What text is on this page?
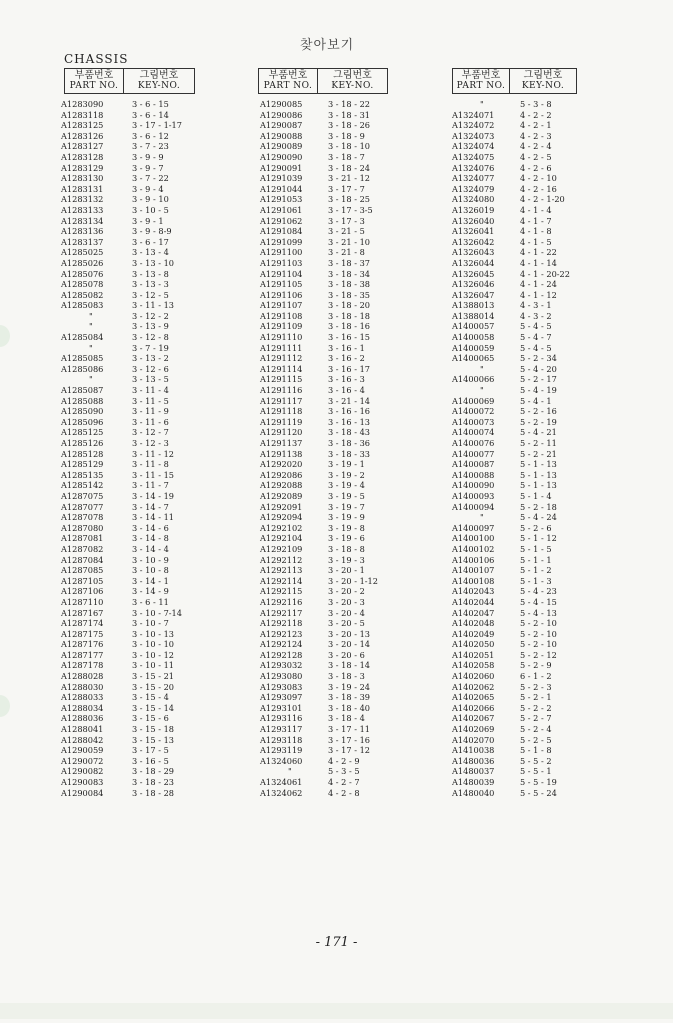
찾아보기
CHASSIS
부품번호
PART NO.
그림번호
KEY-NO.
A1283090	3 - 6 - 15
A1283118	3 - 6 - 14
A1283125	3 - 17 - 1-17
A1283126	3 - 6 - 12
A1283127	3 - 7 - 23
A1283128	3 - 9 - 9
A1283129	3 - 9 - 7
A1283130	3 - 7 - 22
A1283131	3 - 9 - 4
A1283132	3 - 9 - 10
A1283133	3 - 10 - 5
A1283134	3 - 9 - 1
A1283136	3 - 9 - 8-9
A1283137	3 - 6 - 17
A1285025	3 - 13 - 4
A1285026	3 - 13 - 10
A1285076	3 - 13 - 8
A1285078	3 - 13 - 3
A1285082	3 - 12 - 5
A1285083	3 - 11 - 13
"	3 - 12 - 2
"	3 - 13 - 9
A1285084	3 - 12 - 8
"	3 - 7 - 19
A1285085	3 - 13 - 2
A1285086	3 - 12 - 6
"	3 - 13 - 5
A1285087	3 - 11 - 4
A1285088	3 - 11 - 5
A1285090	3 - 11 - 9
A1285096	3 - 11 - 6
A1285125	3 - 12 - 7
A1285126	3 - 12 - 3
A1285128	3 - 11 - 12
A1285129	3 - 11 - 8
A1285135	3 - 11 - 15
A1285142	3 - 11 - 7
A1287075	3 - 14 - 19
A1287077	3 - 14 - 7
A1287078	3 - 14 - 11
A1287080	3 - 14 - 6
A1287081	3 - 14 - 8
A1287082	3 - 14 - 4
A1287084	3 - 10 - 9
A1287085	3 - 10 - 8
A1287105	3 - 14 - 1
A1287106	3 - 14 - 9
A1287110	3 - 6 - 11
A1287167	3 - 10 - 7-14
A1287174	3 - 10 - 7
A1287175	3 - 10 - 13
A1287176	3 - 10 - 10
A1287177	3 - 10 - 12
A1287178	3 - 10 - 11
A1288028	3 - 15 - 21
A1288030	3 - 15 - 20
A1288033	3 - 15 - 4
A1288034	3 - 15 - 14
A1288036	3 - 15 - 6
A1288041	3 - 15 - 18
A1288042	3 - 15 - 13
A1290059	3 - 17 - 5
A1290072	3 - 16 - 5
A1290082	3 - 18 - 29
A1290083	3 - 18 - 23
A1290084	3 - 18 - 28
부품번호
PART NO.
그림번호
KEY-NO.
A1290085	3 - 18 - 22
A1290086	3 - 18 - 31
A1290087	3 - 18 - 26
A1290088	3 - 18 - 9
A1290089	3 - 18 - 10
A1290090	3 - 18 - 7
A1290091	3 - 18 - 24
A1291039	3 - 21 - 12
A1291044	3 - 17 - 7
A1291053	3 - 18 - 25
A1291061	3 - 17 - 3-5
A1291062	3 - 17 - 3
A1291084	3 - 21 - 5
A1291099	3 - 21 - 10
A1291100	3 - 21 - 8
A1291103	3 - 18 - 37
A1291104	3 - 18 - 34
A1291105	3 - 18 - 38
A1291106	3 - 18 - 35
A1291107	3 - 18 - 20
A1291108	3 - 18 - 18
A1291109	3 - 18 - 16
A1291110	3 - 16 - 15
A1291111	3 - 16 - 1
A1291112	3 - 16 - 2
A1291114	3 - 16 - 17
A1291115	3 - 16 - 3
A1291116	3 - 16 - 4
A1291117	3 - 21 - 14
A1291118	3 - 16 - 16
A1291119	3 - 16 - 13
A1291120	3 - 18 - 43
A1291137	3 - 18 - 36
A1291138	3 - 18 - 33
A1292020	3 - 19 - 1
A1292086	3 - 19 - 2
A1292088	3 - 19 - 4
A1292089	3 - 19 - 5
A1292091	3 - 19 - 7
A1292094	3 - 19 - 9
A1292102	3 - 19 - 8
A1292104	3 - 19 - 6
A1292109	3 - 18 - 8
A1292112	3 - 19 - 3
A1292113	3 - 20 - 1
A1292114	3 - 20 - 1-12
A1292115	3 - 20 - 2
A1292116	3 - 20 - 3
A1292117	3 - 20 - 4
A1292118	3 - 20 - 5
A1292123	3 - 20 - 13
A1292124	3 - 20 - 14
A1292128	3 - 20 - 6
A1293032	3 - 18 - 14
A1293080	3 - 18 - 3
A1293083	3 - 19 - 24
A1293097	3 - 18 - 39
A1293101	3 - 18 - 40
A1293116	3 - 18 - 4
A1293117	3 - 17 - 11
A1293118	3 - 17 - 16
A1293119	3 - 17 - 12
A1324060	4 - 2 - 9
"	5 - 3 - 5
A1324061	4 - 2 - 7
A1324062	4 - 2 - 8
부품번호
PART NO.
그림번호
KEY-NO.
"	5 - 3 - 8
A1324071	4 - 2 - 2
A1324072	4 - 2 - 1
A1324073	4 - 2 - 3
A1324074	4 - 2 - 4
A1324075	4 - 2 - 5
A1324076	4 - 2 - 6
A1324077	4 - 2 - 10
A1324079	4 - 2 - 16
A1324080	4 - 2 - 1-20
A1326019	4 - 1 - 4
A1326040	4 - 1 - 7
A1326041	4 - 1 - 8
A1326042	4 - 1 - 5
A1326043	4 - 1 - 22
A1326044	4 - 1 - 14
A1326045	4 - 1 - 20-22
A1326046	4 - 1 - 24
A1326047	4 - 1 - 12
A1388013	4 - 3 - 1
A1388014	4 - 3 - 2
A1400057	5 - 4 - 5
A1400058	5 - 4 - 7
A1400059	5 - 4 - 5
A1400065	5 - 2 - 34
"	5 - 4 - 20
A1400066	5 - 2 - 17
"	5 - 4 - 19
A1400069	5 - 4 - 1
A1400072	5 - 2 - 16
A1400073	5 - 2 - 19
A1400074	5 - 4 - 21
A1400076	5 - 2 - 11
A1400077	5 - 2 - 21
A1400087	5 - 1 - 13
A1400088	5 - 1 - 13
A1400090	5 - 1 - 13
A1400093	5 - 1 - 4
A1400094	5 - 2 - 18
"	5 - 4 - 24
A1400097	5 - 2 - 6
A1400100	5 - 1 - 12
A1400102	5 - 1 - 5
A1400106	5 - 1 - 1
A1400107	5 - 1 - 2
A1400108	5 - 1 - 3
A1402043	5 - 4 - 23
A1402044	5 - 4 - 15
A1402047	5 - 4 - 13
A1402048	5 - 2 - 10
A1402049	5 - 2 - 10
A1402050	5 - 2 - 10
A1402051	5 - 2 - 12
A1402058	5 - 2 - 9
A1402060	6 - 1 - 2
A1402062	5 - 2 - 3
A1402065	5 - 2 - 1
A1402066	5 - 2 - 2
A1402067	5 - 2 - 7
A1402069	5 - 2 - 4
A1402070	5 - 2 - 5
A1410038	5 - 1 - 8
A1480036	5 - 5 - 2
A1480037	5 - 5 - 1
A1480039	5 - 5 - 19
A1480040	5 - 5 - 24
- 171 -
